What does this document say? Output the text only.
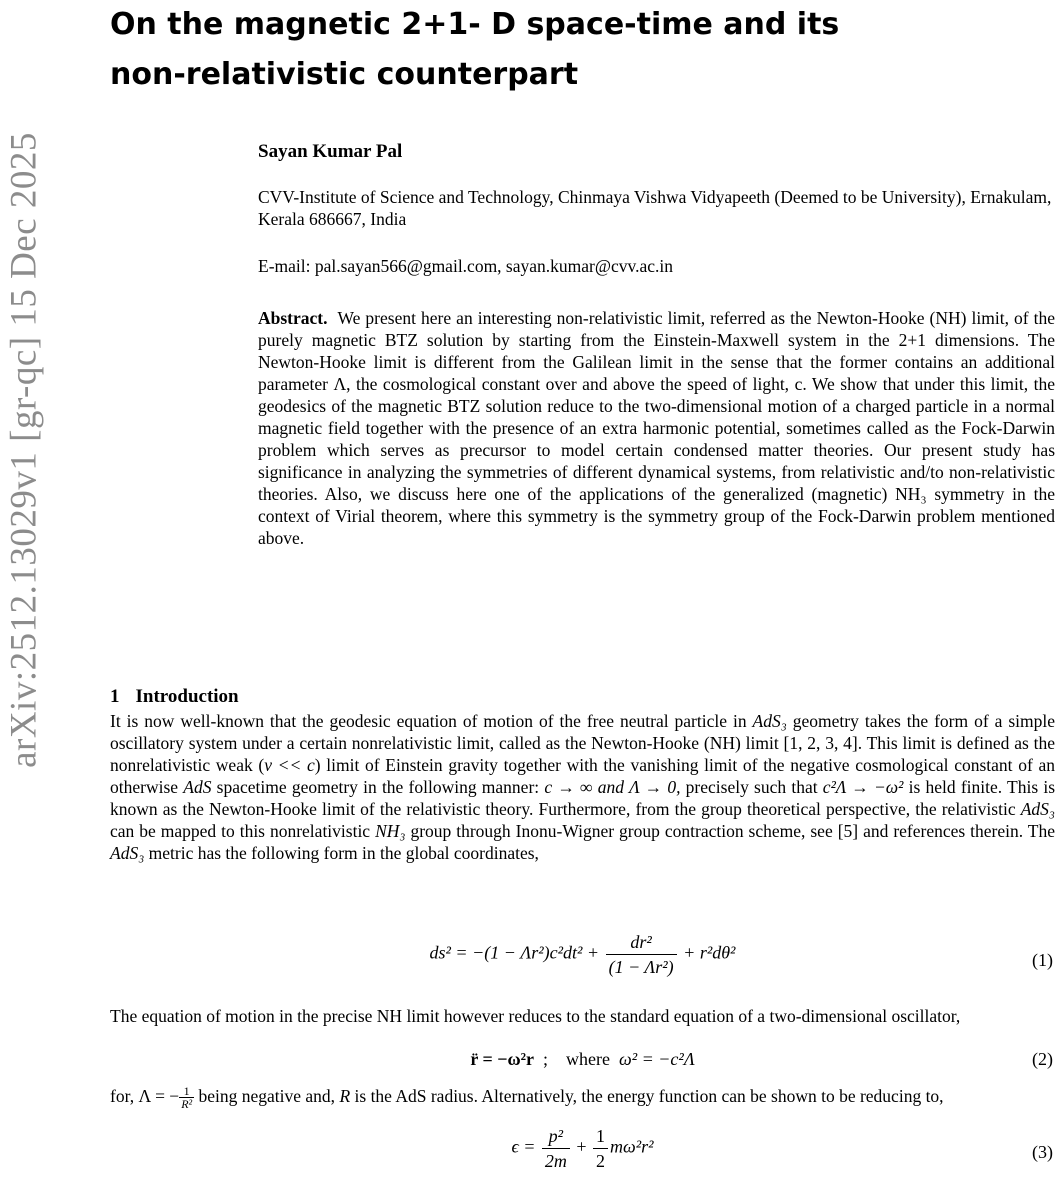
arXiv:2512.13029v1 [gr-qc] 15 Dec 2025
On the magnetic 2+1- D space-time and its
non-relativistic counterpart

Sayan Kumar Pal

CVV-Institute of Science and Technology, Chinmaya Vishwa Vidyapeeth (Deemed to be University), Ernakulam, Kerala 686667, India

E-mail: pal.sayan566@gmail.com, sayan.kumar@cvv.ac.in

Abstract. We present here an interesting non-relativistic limit, referred as the Newton-Hooke (NH) limit, of the purely magnetic BTZ solution by starting from the Einstein-Maxwell system in the 2+1 dimensions. The Newton-Hooke limit is different from the Galilean limit in the sense that the former contains an additional parameter Λ, the cosmological constant over and above the speed of light, c. We show that under this limit, the geodesics of the magnetic BTZ solution reduce to the two-dimensional motion of a charged particle in a normal magnetic field together with the presence of an extra harmonic potential, sometimes called as the Fock-Darwin problem which serves as precursor to model certain condensed matter theories. Our present study has significance in analyzing the symmetries of different dynamical systems, from relativistic and/to non-relativistic theories. Also, we discuss here one of the applications of the generalized (magnetic) NH₃ symmetry in the context of Virial theorem, where this symmetry is the symmetry group of the Fock-Darwin problem mentioned above.

1 Introduction

It is now well-known that the geodesic equation of motion of the free neutral particle in AdS₃ geometry takes the form of a simple oscillatory system under a certain nonrelativistic limit, called as the Newton-Hooke (NH) limit [1, 2, 3, 4]. This limit is defined as the nonrelativistic weak (v << c) limit of Einstein gravity together with the vanishing limit of the negative cosmological constant of an otherwise AdS spacetime geometry in the following manner: c → ∞ and Λ → 0, precisely such that c²Λ → −ω² is held finite. This is known as the Newton-Hooke limit of the relativistic theory. Furthermore, from the group theoretical perspective, the relativistic AdS₃ can be mapped to this nonrelativistic NH₃ group through Inonu-Wigner group contraction scheme, see [5] and references therein. The AdS₃ metric has the following form in the global coordinates,

$ds^2 = -(1 - \Lambda r^2)c^2dt^2 + \frac{\text{dr²}}{\text{(1 − Λr²)}} + r^2d\theta^2$	(1)

The equation of motion in the precise NH limit however reduces to the standard equation of a two-dimensional oscillator,

r̈ = −ω²r  ;    where  ω² = −c²Λ	(2)

for, Λ = − $\frac{1}{\text{R²}}$ being negative and, R is the AdS radius. Alternatively, the energy function can be shown to be reducing to,

$\epsilon = \frac{\text{p²}}{2m} + \frac{1}{2} m\omega^2r^2$	(3)
